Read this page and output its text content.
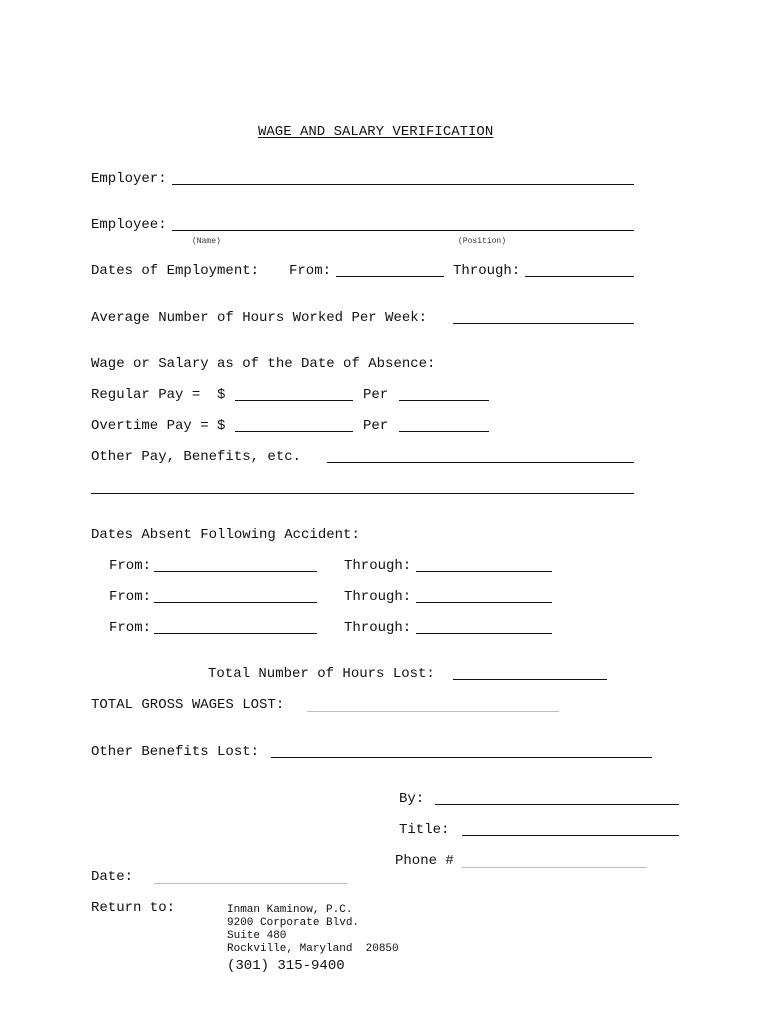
WAGE AND SALARY VERIFICATION
Employer:
Employee:
(Name)	(Position)
Dates of Employment: From:	Through:
Average Number of Hours Worked Per Week:
Wage or Salary as of the Date of Absence:
Regular Pay =  $	Per
Overtime Pay = $	Per
Other Pay, Benefits, etc.
Dates Absent Following Accident:
From:	Through:
From:	Through:
From:	Through:
Total Number of Hours Lost:
TOTAL GROSS WAGES LOST: ______________________________
Other Benefits Lost:
By:
Title:
Phone # ______________________
Date: _______________________
Return to:	Inman Kaminow, P.C.
9200 Corporate Blvd.
Suite 480
Rockville, Maryland  20850
(301) 315-9400
